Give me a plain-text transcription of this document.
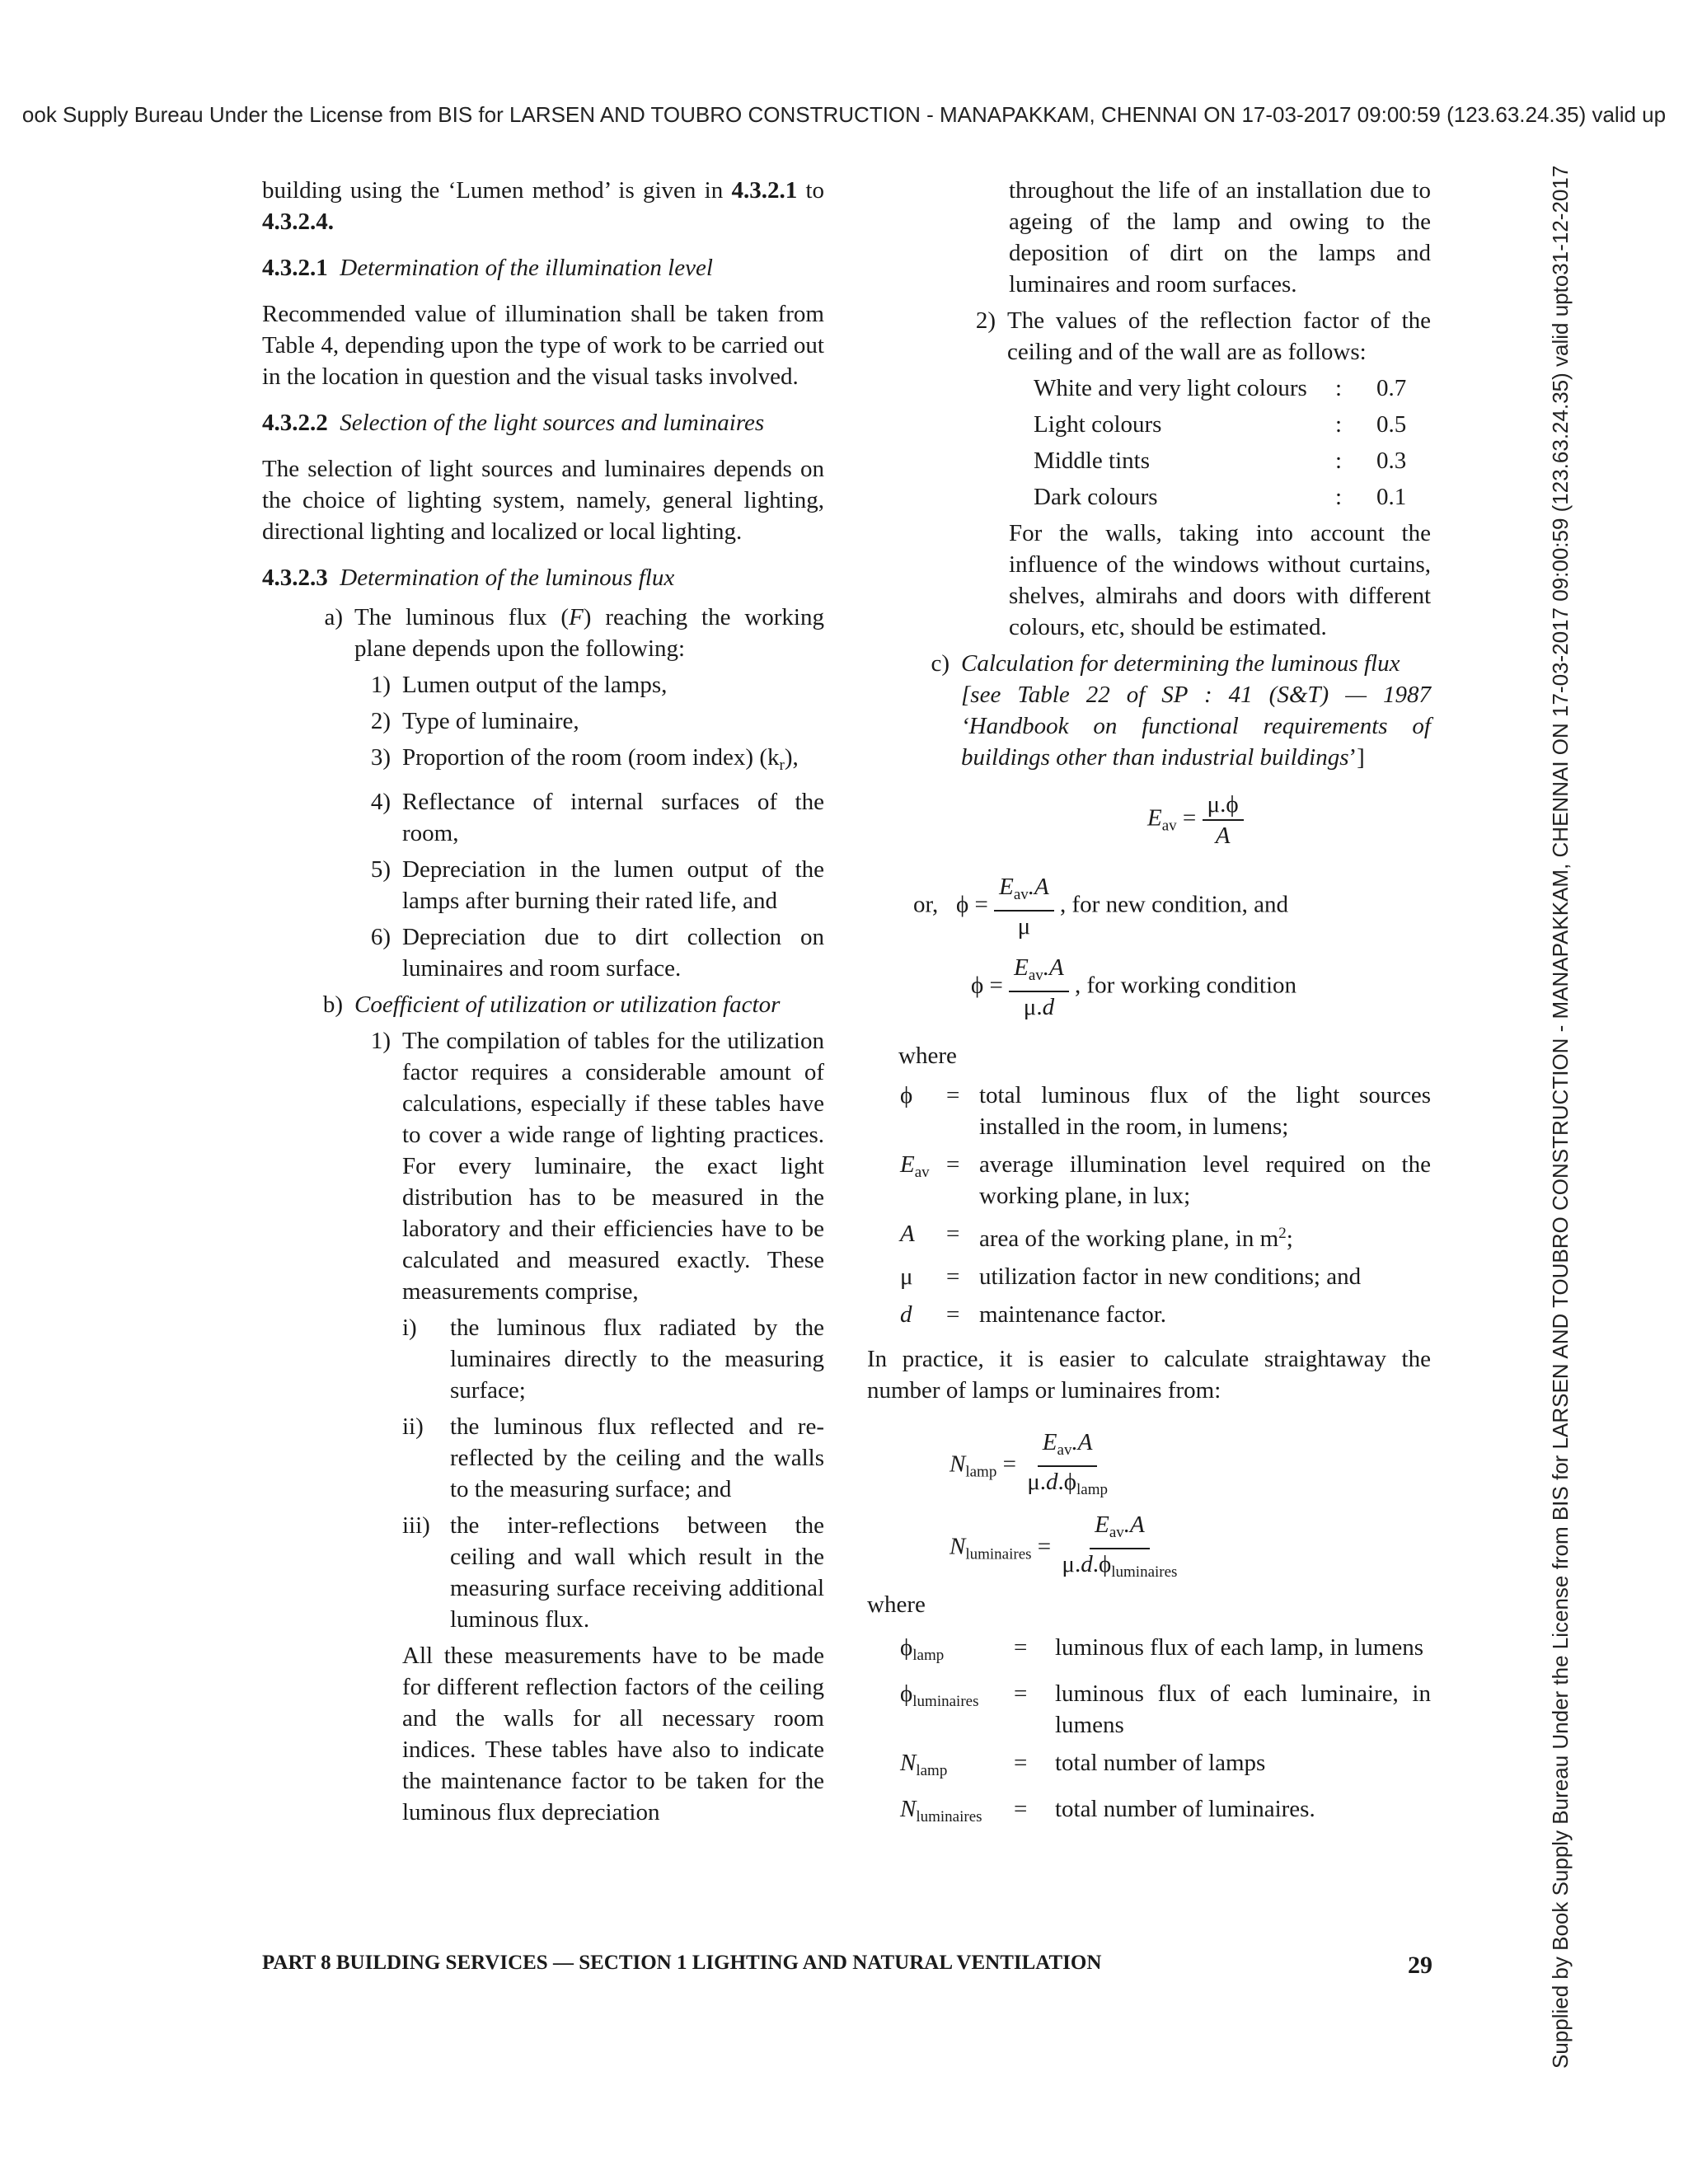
ook Supply Bureau Under the License from BIS for LARSEN AND TOUBRO CONSTRUCTION - MANAPAKKAM, CHENNAI ON 17-03-2017 09:00:59 (123.63.24.35) valid up
Supplied by Book Supply Bureau Under the License from BIS for LARSEN AND TOUBRO CONSTRUCTION - MANAPAKKAM, CHENNAI ON 17-03-2017 09:00:59 (123.63.24.35) valid upto31-12-2017

building using the ‘Lumen method’ is given in 4.3.2.1 to 4.3.2.4.

4.3.2.1 Determination of the illumination level

Recommended value of illumination shall be taken from Table 4, depending upon the type of work to be carried out in the location in question and the visual tasks involved.

4.3.2.2 Selection of the light sources and luminaires

The selection of light sources and luminaires depends on the choice of lighting system, namely, general lighting, directional lighting and localized or local lighting.

4.3.2.3 Determination of the luminous flux

a) The luminous flux (F) reaching the working plane depends upon the following:
1) Lumen output of the lamps,
2) Type of luminaire,
3) Proportion of the room (room index) $(k_r)$,
4) Reflectance of internal surfaces of the room,
5) Depreciation in the lumen output of the lamps after burning their rated life, and
6) Depreciation due to dirt collection on luminaires and room surface.
b) Coefficient of utilization or utilization factor
1) The compilation of tables for the utilization factor requires a considerable amount of calculations, especially if these tables have to cover a wide range of lighting practices. For every luminaire, the exact light distribution has to be measured in the laboratory and their efficiencies have to be calculated and measured exactly. These measurements comprise,
i)	the luminous flux radiated by the luminaires directly to the measuring surface;
ii)	the luminous flux reflected and re-reflected by the ceiling and the walls to the measuring surface; and
iii) the inter-reflections between the ceiling and wall which result in the measuring surface receiving additional luminous flux.
All these measurements have to be made for different reflection factors of the ceiling and the walls for all necessary room indices. These tables have also to indicate the maintenance factor to be taken for the luminous flux depreciation
throughout the life of an installation due to ageing of the lamp and owing to the deposition of dirt on the lamps and luminaires and room surfaces.
2) The values of the reflection factor of the ceiling and of the wall are as follows:
White and very light colours	:	0.7
Light colours	:	0.5
Middle tints	:	0.3
Dark colours	:	0.1
For the walls, taking into account the influence of the windows without curtains, shelves, almirahs and doors with different colours, etc, should be estimated.
c) Calculation for determining the luminous flux
[see Table 22 of SP : 41 (S&T) — 1987 ‘Handbook on functional requirements of buildings other than industrial buildings’]
$E_{av} = \frac{\mu.\phi}{A}$
or, $\phi = \frac{E_{av}.A}{\mu}$ , for new condition, and
$\phi = \frac{E_{av}.A}{\mu.d}$ , for working condition

where

ϕ	= total luminous flux of the light sources installed in the room, in lumens;
$E_{av}$ = average illumination level required on the working plane, in lux;
A	= area of the working plane, in $m^2$;
μ	= utilization factor in new conditions; and
d	= maintenance factor.

In practice, it is easier to calculate straightaway the number of lamps or luminaires from:

$N_{lamp} = \frac{E_{av}.A}{\mu.d.\phi_{lamp}}$
$N_{luminaires} = \frac{E_{av}.A}{\mu.d.\phi_{luminaires}}$

where

$\phi_{lamp}$	=	luminous flux of each lamp, in lumens
$\phi_{luminaires}$	=	luminous flux of each luminaire, in lumens
$N_{lamp}$	=	total number of lamps
$N_{luminaires}$	=	total number of luminaires.
PART 8 BUILDING SERVICES — SECTION 1 LIGHTING AND NATURAL VENTILATION	29
